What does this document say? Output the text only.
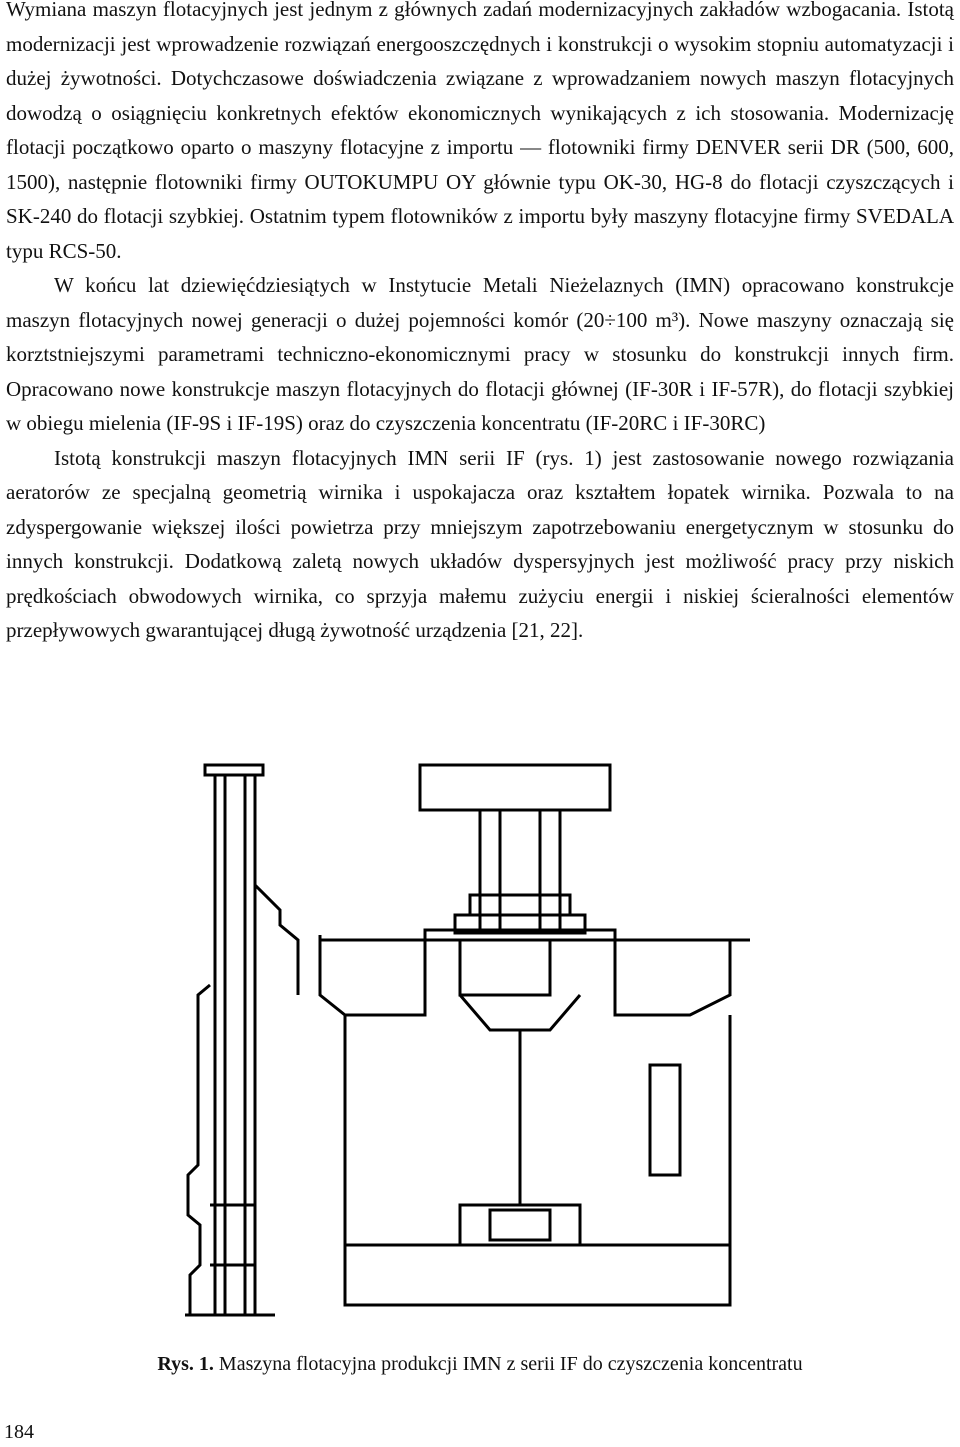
Wymiana maszyn flotacyjnych jest jednym z głównych zadań modernizacyjnych zakładów wzbogacania. Istotą modernizacji jest wprowadzenie rozwiązań energooszczędnych i konstrukcji o wysokim stopniu automatyzacji i dużej żywotności. Dotychczasowe doświadczenia związane z wprowadzaniem nowych maszyn flotacyjnych dowodzą o osiągnięciu konkretnych efektów ekonomicznych wynikających z ich stosowania. Modernizację flotacji początkowo oparto o maszyny flotacyjne z importu — flotowniki firmy DENVER serii DR (500, 600, 1500), następnie flotowniki firmy OUTOKUMPU OY głównie typu OK-30, HG-8 do flotacji czyszczących i SK-240 do flotacji szybkiej. Ostatnim typem flotowników z importu były maszyny flotacyjne firmy SVEDALA typu RCS-50.

W końcu lat dziewięćdziesiątych w Instytucie Metali Nieżelaznych (IMN) opracowano konstrukcje maszyn flotacyjnych nowej generacji o dużej pojemności komór (20÷100 m³). Nowe maszyny oznaczają się korztstniejszymi parametrami techniczno-ekonomicznymi pracy w stosunku do konstrukcji innych firm. Opracowano nowe konstrukcje maszyn flotacyjnych do flotacji głównej (IF-30R i IF-57R), do flotacji szybkiej w obiegu mielenia (IF-9S i IF-19S) oraz do czyszczenia koncentratu (IF-20RC i IF-30RC)

Istotą konstrukcji maszyn flotacyjnych IMN serii IF (rys. 1) jest zastosowanie nowego rozwiązania aeratorów ze specjalną geometrią wirnika i uspokajacza oraz kształtem łopatek wirnika. Pozwala to na zdyspergowanie większej ilości powietrza przy mniejszym zapotrzebowaniu energetycznym w stosunku do innych konstrukcji. Dodatkową zaletą nowych układów dyspersyjnych jest możliwość pracy przy niskich prędkościach obwodowych wirnika, co sprzyja małemu zużyciu energii i niskiej ścieralności elementów przepływowych gwarantującej długą żywotność urządzenia [21, 22].

Rys. 1. Maszyna flotacyjna produkcji IMN z serii IF do czyszczenia koncentratu
184
